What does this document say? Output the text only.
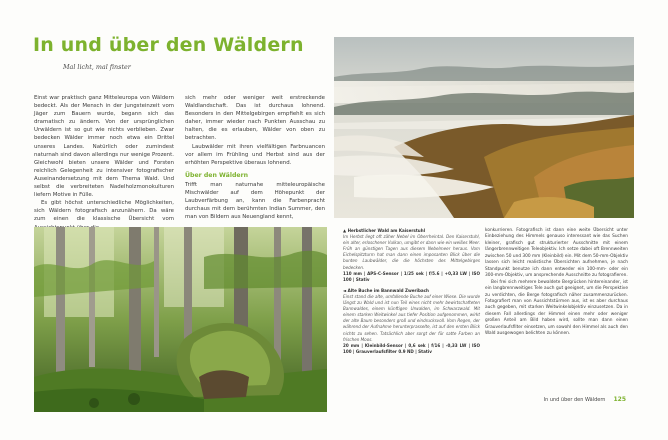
In und über den Wäldern
Mal licht, mal finster

Einst war praktisch ganz Mitteleuropa von Wäldern bedeckt. Als der Mensch in der Jungsteinzeit vom Jäger zum Bauern wurde, begann sich das dramatisch zu ändern. Von der ursprünglichen Urwäldern ist so gut wie nichts verblieben. Zwar bedecken Wälder immer noch etwa ein Drittel unseres Landes. Natürlich oder zumindest naturnah sind davon allerdings nur wenige Prozent. Gleichwohl bieten unsere Wälder und Forsten reichlich Gelegenheit zu intensiver fotografischer Auseinandersetzung mit dem Thema Wald. Und selbst die verbreiteten Nadelholzmonokulturen liefern Motive in Fülle.

Es gibt höchst unterschiedliche Möglichkeiten, sich Wäldern fotografisch anzunähern. Da wäre zum einen die klassische Übersicht vom

sich mehr oder weniger weit erstreckende Waldlandschaft. Das ist durchaus lohnend. Besonders in den Mittelgebirgen empfiehlt es sich daher, immer wieder nach Punkten Ausschau zu halten, die es erlauben, Wälder von oben zu betrachten.

Laubwälder mit ihren vielfältigen Farbnuancen vor allem im Frühling und Herbst sind aus der erhöhten Perspektive überaus lohnend.

Über den Wäldern

Trifft man naturnahe mitteleuropäische Mischwälder auf dem Höhepunkt der Laubverfärbung an, kann die Farbenpracht durchaus mit dem berühmten Indian Summer, den man von Bildern aus Neuengland kennt,

▲ Herbstlicher Wald am Kaiserstuhl
Im Herbst liegt oft zäher Nebel im Oberrheintal. Den Kaiserstuhl, ein alter, erloschener Vulkan, umgibt er dann wie ein weißes Meer. Früh an günstigen Tagen aus diesem Nebelmeer heraus. Vom Eichelspitzturm hat man dann einen imposanten Blick über die bunten Laubwälder, die die höchsten des Mittelgebirges bedecken.
110 mm | APS-C-Sensor | 1/25 sek | f/5.6 | +0,33 LW | ISO 100 | Stativ
◄ Alte Buche im Bannwald Zweribach
Einst stand die alte, umfallende Buche auf einer Wiese. Die wurde längst zu Wald und ist nun Teil eines nicht mehr bewirtschafteten Bannwaldes, einem künftigen Urwalden, im Schwarzwald. Mit einem starken Weitwinkel aus tiefer Position aufgenommen, wirkt der alte Baum besonders groß und eindrucksvoll. Vom Regen, der während der Aufnahme herunterprasselte, ist auf den ersten Blick nichts zu sehen. Tatsächlich aber sorgt der für satte Farben an frischen Moos.
20 mm | Kleinbild-Sensor | 0,6 sek | f/16 | -0,33 LW | ISO 100 | Grauverlaufsfilter 0.9 ND | Stativ

konkurrieren. Fotografisch ist dann eine weite Übersicht unter Einbeziehung des Himmels genauso interessant wie das Suchen kleiner, grafisch gut strukturierter Ausschnitte mit einem längerbrennweitigen Teleobjektiv. Ich setze dabei oft Brennweiten zwischen 50 und 300 mm (Kleinbild) ein. Mit dem 50-mm-Objektiv lassen sich leicht realistische Übersichten aufnehmen, je nach Standpunkt benutze ich dann entweder ein 100-mm- oder ein 300-mm-Objektiv, um ansprechende Ausschnitte zu fotografieren.

Bei frei sich mehrere bewaldete Bergrücken hintereinander, ist ein langbrennweitiges Tele auch gut geeignet, um die Perspektive zu verdichten, die Berge fotografisch näher zusammenzurücken. Fotografiert man von Aussichtstürmen aus, ist es aber durchaus auch gegeben, mit starken Weitwinkelobjektiv einzusetzen. Da in diesem Fall allerdings der Himmel einen mehr oder weniger großen Anteil am Bild haben wird, sollte man dann einen Grauverlaufsfilter einsetzen, um sowohl den Himmel als auch den Wald ausgewogen belichten zu können.

In und über den Wäldern 125
